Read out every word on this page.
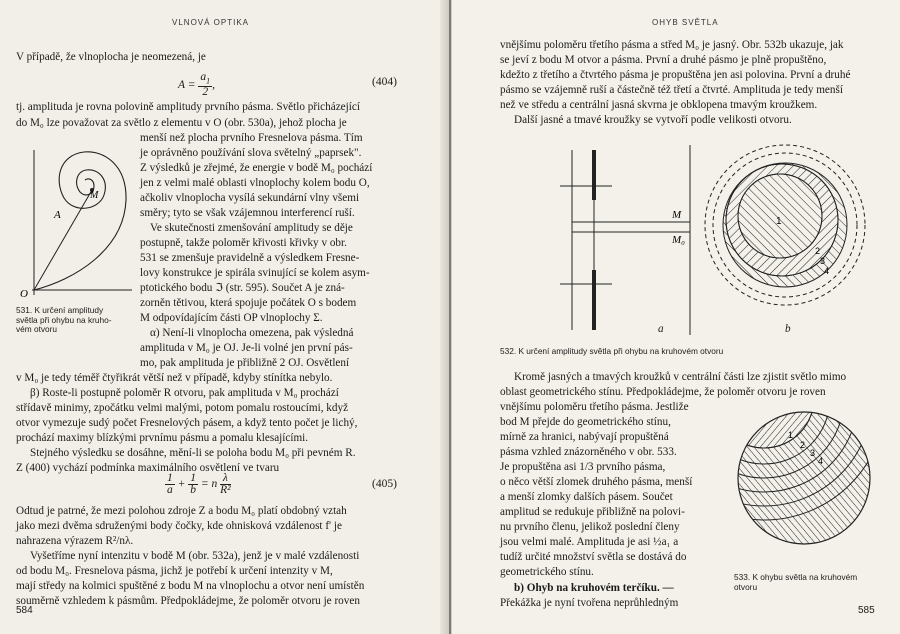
VLNOVÁ OPTIKA
V případě, že vlnoplocha je neomezená, je
$A = \frac{a_1}{2}$ ,	(404)
tj. amplituda je rovna polovině amplitudy prvního pásma. Světlo přicházející
do M₀ lze považovat za světlo z elementu v O (obr. 530a), jehož plocha je
menší než plocha prvního Fresnelova pásma. Tím
je oprávněno používání slova světelný „paprsek".
Z výsledků je zřejmé, že energie v bodě M₀ pochází
jen z velmi malé oblasti vlnoplochy kolem bodu O,
ačkoliv vlnoplocha vysílá sekundární vlny všemi
směry; tyto se však vzájemnou interferencí ruší.
Ve skutečnosti zmenšování amplitudy se děje
postupně, takže poloměr křivosti křivky v obr.
531 se zmenšuje pravidelně a výsledkem Fresne-
lovy konstrukce je spirála svinující se kolem asym-
ptotického bodu ℑ (str. 595). Součet A je zná-
zorněn tětivou, která spojuje počátek O s bodem
M odpovídajícím části OP vlnoplochy Σ.
α) Není-li vlnoplocha omezena, pak výsledná
amplituda v M₀ je OJ. Je-li volné jen první pás-
mo, pak amplituda je přibližně 2 OJ. Osvětlení
v M₀ je tedy téměř čtyřikrát větší než v případě, kdyby stínítka nebylo.
β) Roste-li postupně poloměr R otvoru, pak amplituda v M₀ prochází
střídavě minimy, zpočátku velmi malými, potom pomalu rostoucími, když
otvor vymezuje sudý počet Fresnelových pásem, a když tento počet je lichý,
prochází maximy blízkými prvnímu pásmu a pomalu klesajícími.
Stejného výsledku se dosáhne, mění-li se poloha bodu M₀ při pevném R.
Z (400) vychází podmínka maximálního osvětlení ve tvaru
$\frac{1}{a} + \frac{1}{b} = n \frac{\lambda}{\text{R²}}$	(405)
Odtud je patrné, že mezi polohou zdroje Z a bodu M₀ platí obdobný vztah
jako mezi dvěma sdruženými body čočky, kde ohnisková vzdálenost f' je
nahrazena výrazem R²/nλ.
Vyšetříme nyní intenzitu v bodě M (obr. 532a), jenž je v malé vzdálenosti
od bodu M₀. Fresnelova pásma, jichž je potřebí k určení intenzity v M,
mají středy na kolmici spuštěné z bodu M na vlnoplochu a otvor není umístěn
souměrně vzhledem k pásmům. Předpokládejme, že poloměr otvoru je roven
O
A
M
531. K určení amplitudy
světla při ohybu na kruho-
vém otvoru
584
OHYB SVĚTLA
vnějšímu poloměru třetího pásma a střed M₀ je jasný. Obr. 532b ukazuje, jak
se jeví z bodu M otvor a pásma. První a druhé pásmo je plně propuštěno,
kdežto z třetího a čtvrtého pásma je propuštěna jen asi polovina. První a druhé
pásmo se vzájemně ruší a částečně též třetí a čtvrté. Amplituda je tedy menší
než ve středu a centrální jasná skvrna je obklopena tmavým kroužkem.
Další jasné a tmavé kroužky se vytvoří podle velikosti otvoru.
M
M₀
a
1
2
3
4
b
532. K určení amplitudy světla při ohybu na kruhovém otvoru
Kromě jasných a tmavých kroužků v centrální části lze zjistit světlo mimo
oblast geometrického stínu. Předpokládejme, že poloměr otvoru je roven
vnějšímu poloměru třetího pásma. Jestliže
bod M přejde do geometrického stínu,
mírně za hranici, nabývají propuštěná
pásma vzhled znázorněného v obr. 533.
Je propuštěna asi 1/3 prvního pásma,
o něco větší zlomek druhého pásma, menší
a menší zlomky dalších pásem. Součet
amplitud se redukuje přibližně na polovi-
nu prvního členu, jelikož poslední členy
jsou velmi malé. Amplituda je asi ½a₁ a
tudíž určité množství světla se dostává do
geometrického stínu.
b) Ohyb na kruhovém terčíku. —
Překážka je nyní tvořena neprůhledným
1
2
3
4
533. K ohybu světla na kruhovém
otvoru
585
